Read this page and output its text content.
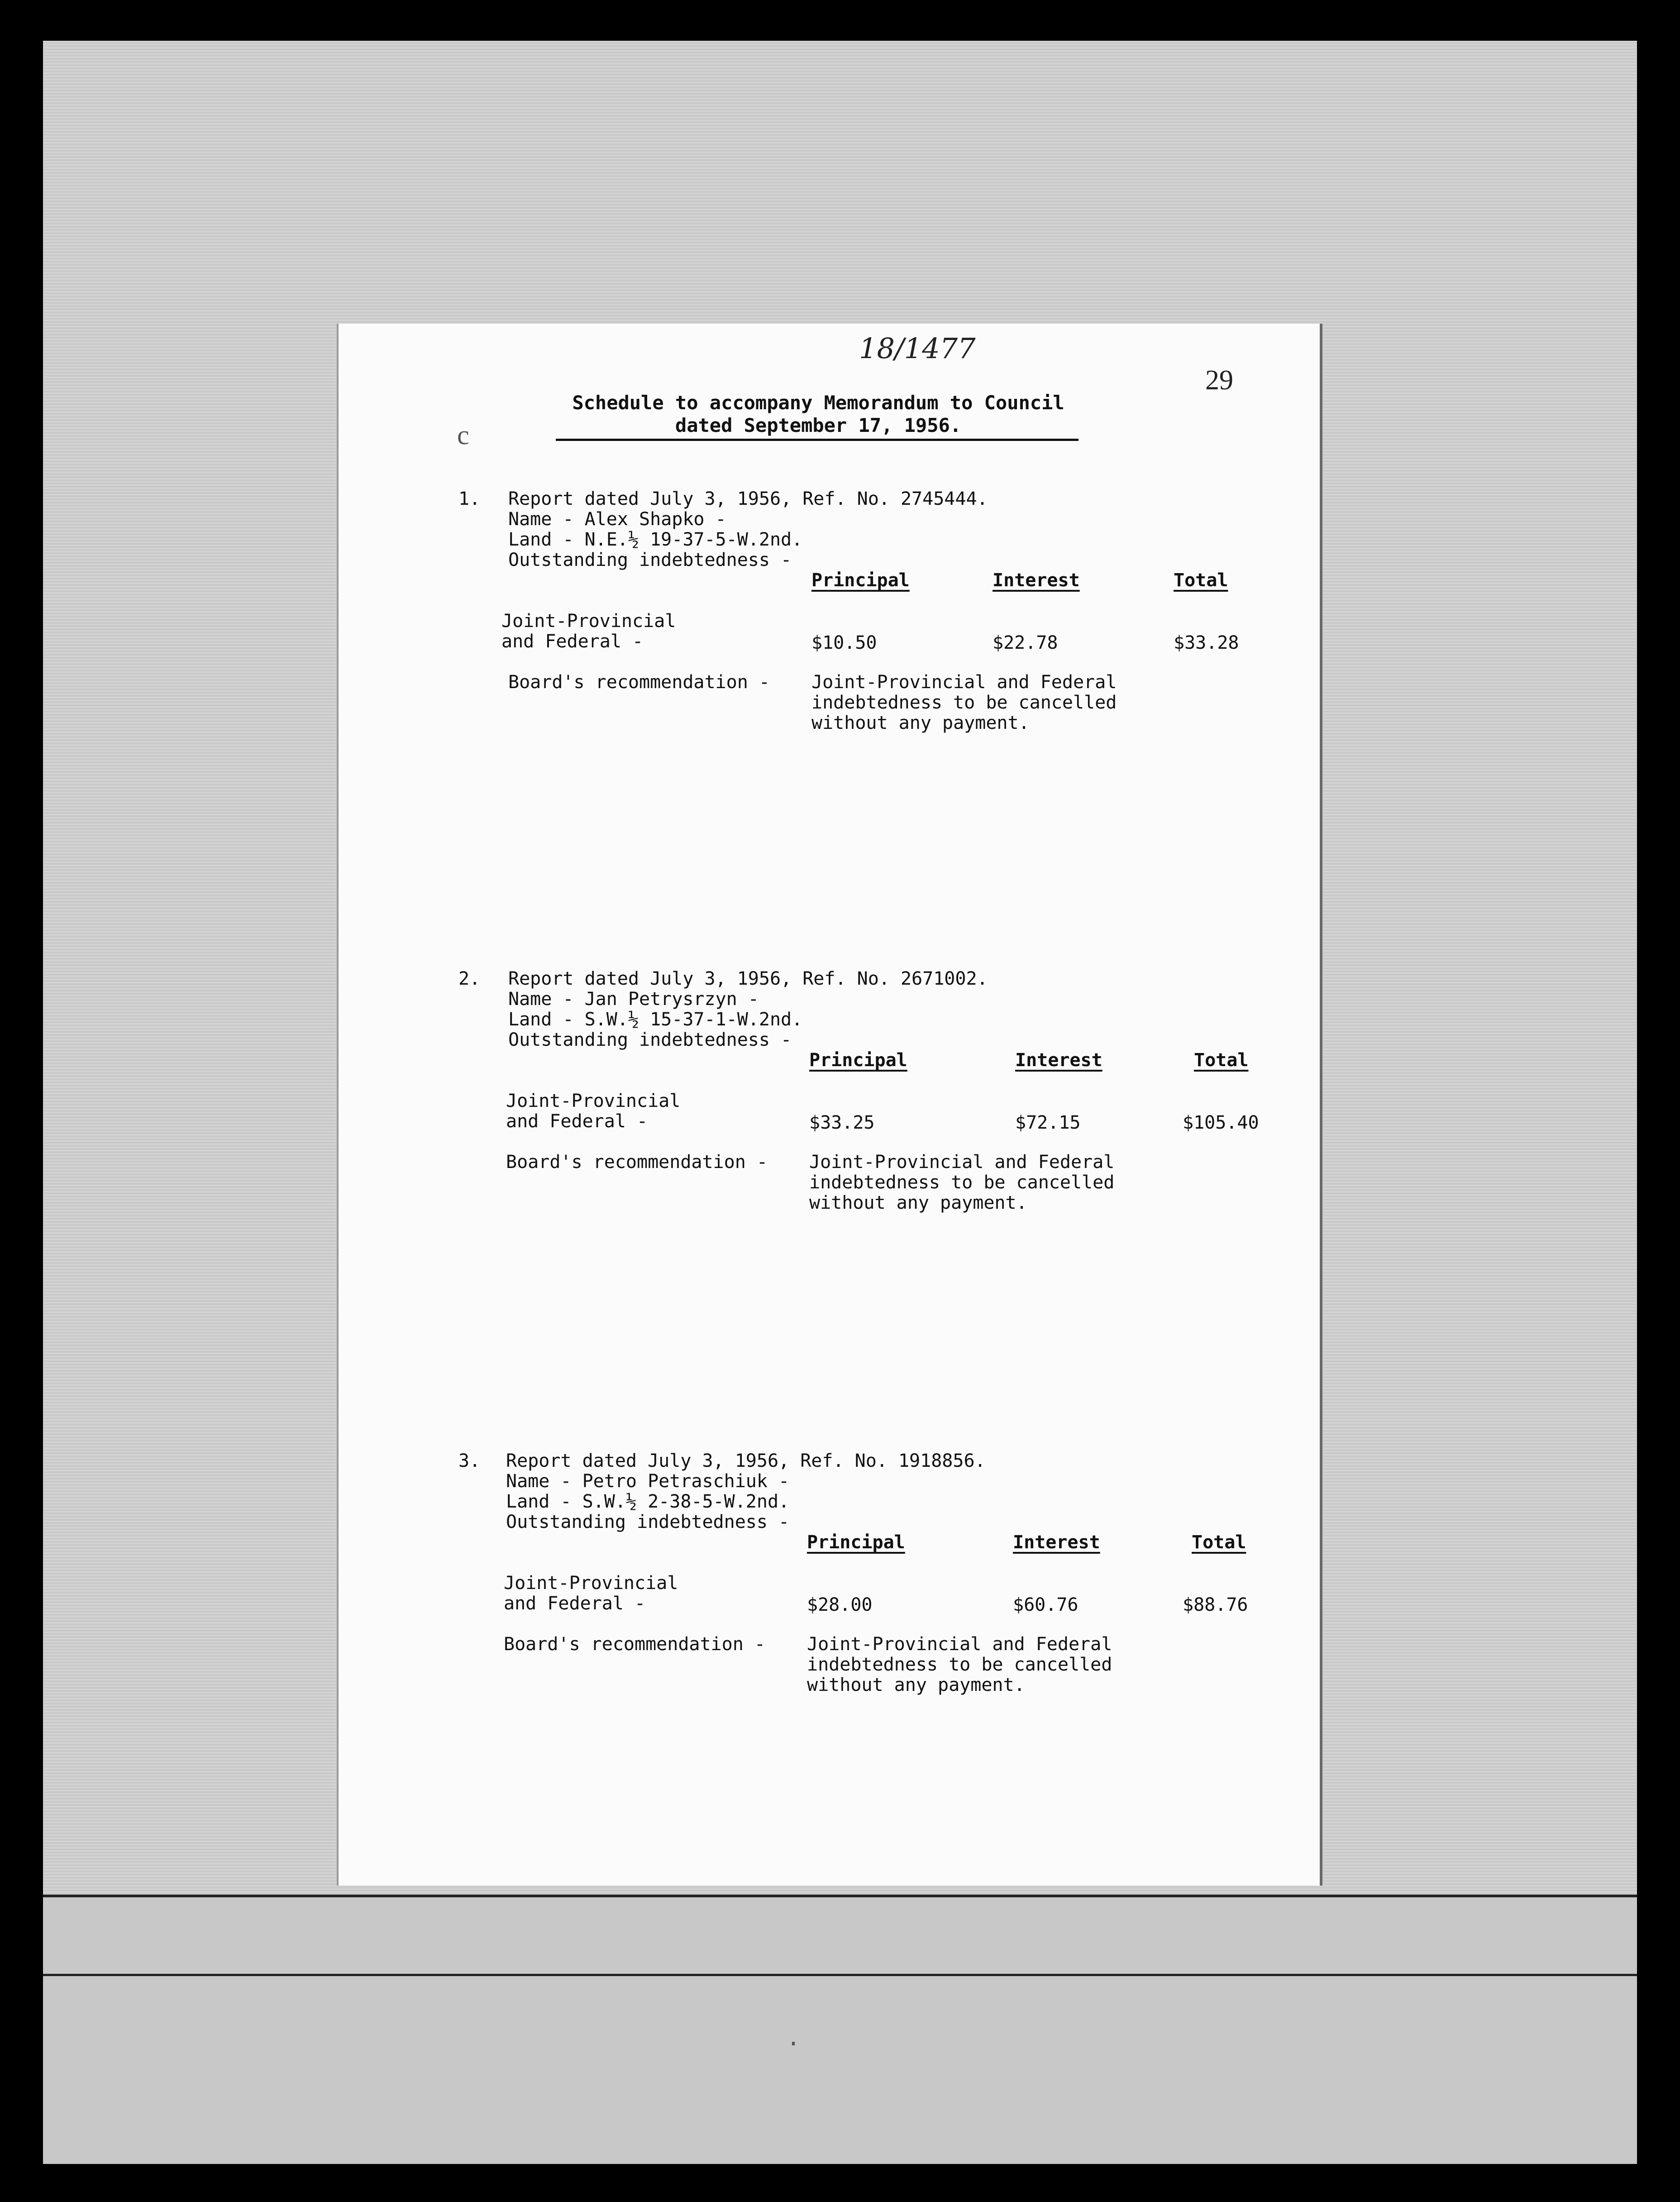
18/1477
29
c
Schedule to accompany Memorandum to Council
dated September 17, 1956.
1. Report dated July 3, 1956, Ref. No. 2745444.
Name - Alex Shapko -
Land - N.E.½ 19-37-5-W.2nd.
Outstanding indebtedness -
Principal	Interest	Total
Joint-Provincial
and Federal -	$10.50	$22.78	$33.28
Board's recommendation - Joint-Provincial and Federal
indebtedness to be cancelled
without any payment.
2. Report dated July 3, 1956, Ref. No. 2671002.
Name - Jan Petrysrzyn -
Land - S.W.½ 15-37-1-W.2nd.
Outstanding indebtedness -
Principal	Interest	Total
Joint-Provincial
and Federal -	$33.25	$72.15	$105.40
Board's recommendation - Joint-Provincial and Federal
indebtedness to be cancelled
without any payment.
3. Report dated July 3, 1956, Ref. No. 1918856.
Name - Petro Petraschiuk -
Land - S.W.½ 2-38-5-W.2nd.
Outstanding indebtedness -
Principal	Interest	Total
Joint-Provincial
and Federal -	$28.00	$60.76	$88.76
Board's recommendation - Joint-Provincial and Federal
indebtedness to be cancelled
without any payment.
